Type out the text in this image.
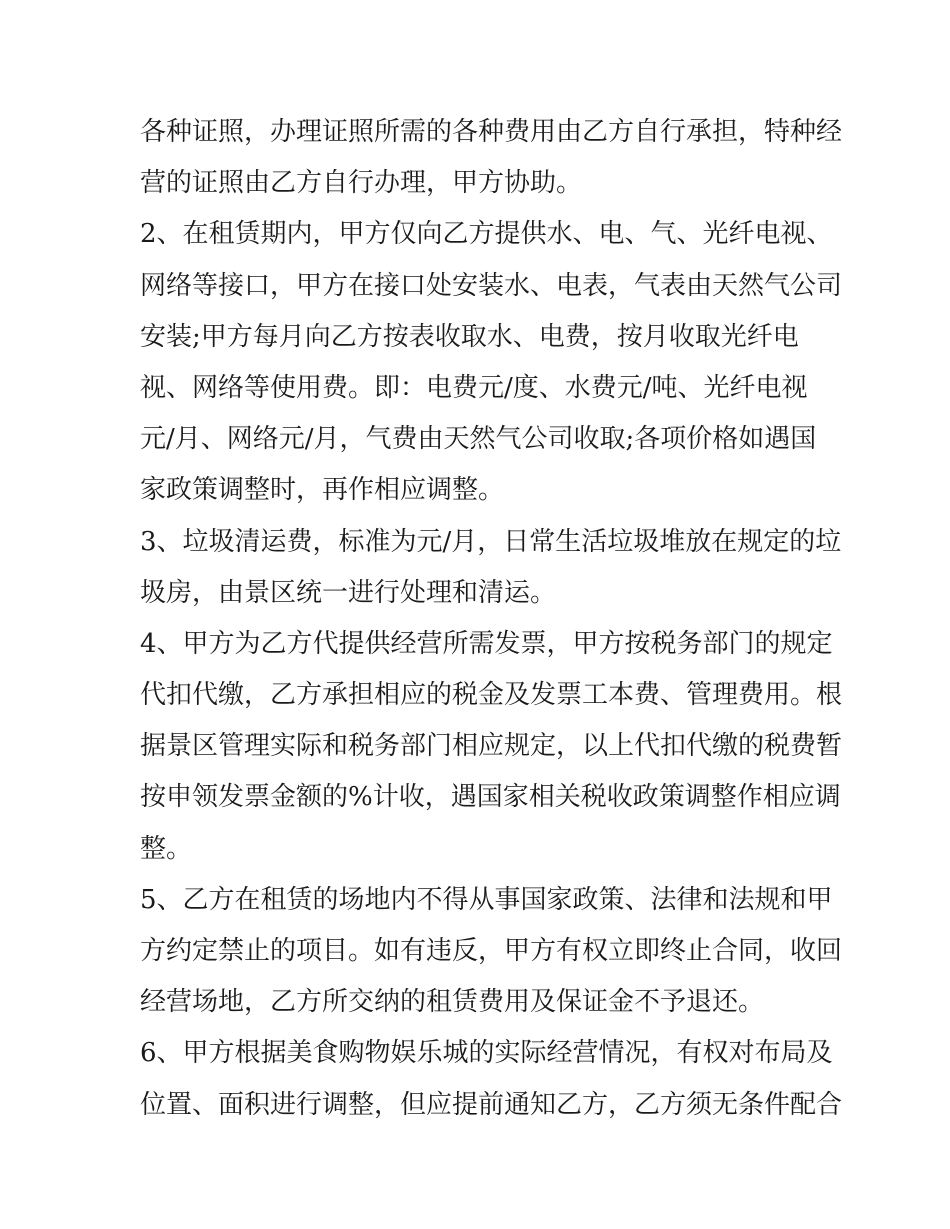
各种证照，办理证照所需的各种费用由乙方自行承担，特种经
营的证照由乙方自行办理，甲方协助。
2、在租赁期内，甲方仅向乙方提供水、电、气、光纤电视、
网络等接口，甲方在接口处安装水、电表，气表由天然气公司
安装;甲方每月向乙方按表收取水、电费，按月收取光纤电
视、网络等使用费。即：电费元/度、水费元/吨、光纤电视
元/月、网络元/月，气费由天然气公司收取;各项价格如遇国
家政策调整时，再作相应调整。
3、垃圾清运费，标准为元/月，日常生活垃圾堆放在规定的垃
圾房，由景区统一进行处理和清运。
4、甲方为乙方代提供经营所需发票，甲方按税务部门的规定
代扣代缴，乙方承担相应的税金及发票工本费、管理费用。根
据景区管理实际和税务部门相应规定，以上代扣代缴的税费暂
按申领发票金额的%计收，遇国家相关税收政策调整作相应调
整。
5、乙方在租赁的场地内不得从事国家政策、法律和法规和甲
方约定禁止的项目。如有违反，甲方有权立即终止合同，收回
经营场地，乙方所交纳的租赁费用及保证金不予退还。
6、甲方根据美食购物娱乐城的实际经营情况，有权对布局及
位置、面积进行调整，但应提前通知乙方，乙方须无条件配合
